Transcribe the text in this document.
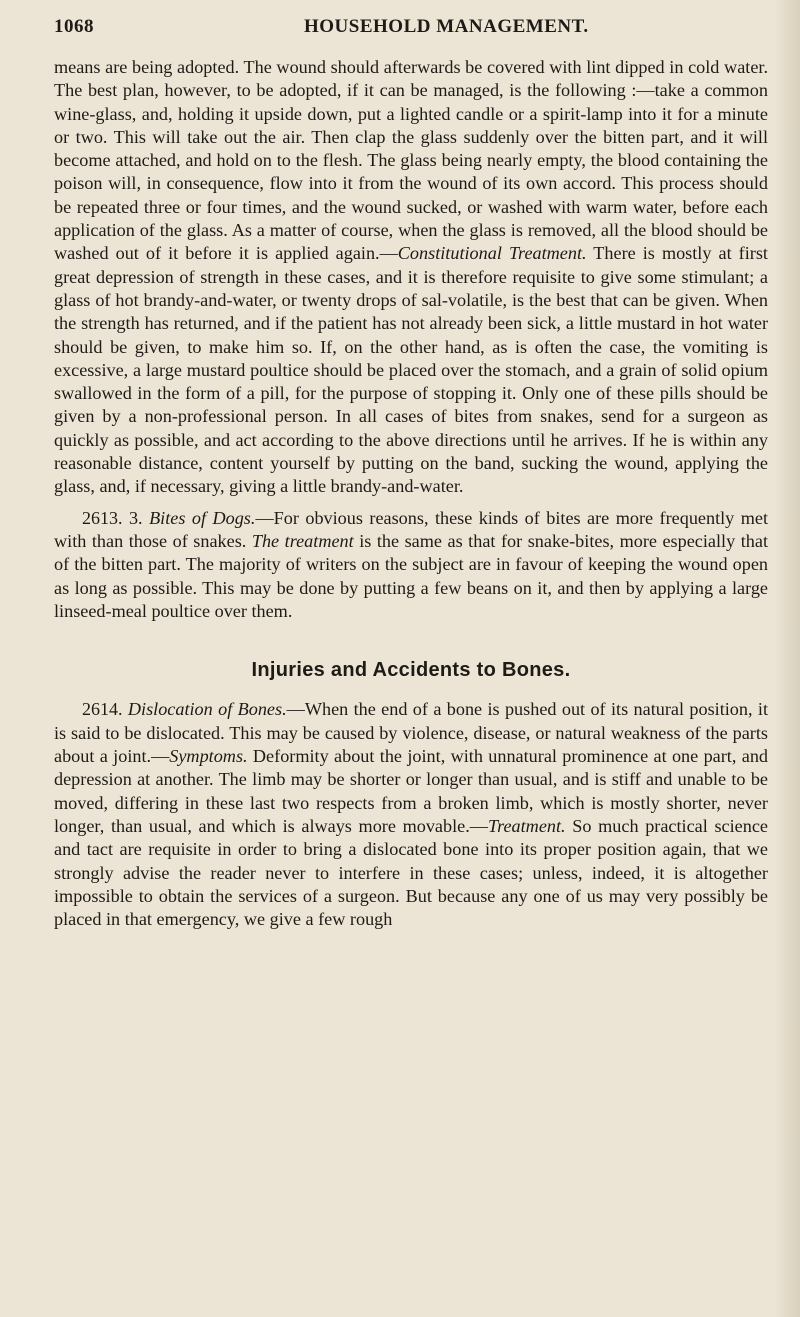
1068	HOUSEHOLD MANAGEMENT.

means are being adopted. The wound should afterwards be covered with lint dipped in cold water. The best plan, however, to be adopted, if it can be managed, is the following :—take a common wine-glass, and, holding it upside down, put a lighted candle or a spirit-lamp into it for a minute or two. This will take out the air. Then clap the glass suddenly over the bitten part, and it will become attached, and hold on to the flesh. The glass being nearly empty, the blood containing the poison will, in consequence, flow into it from the wound of its own accord. This process should be repeated three or four times, and the wound sucked, or washed with warm water, before each application of the glass. As a matter of course, when the glass is removed, all the blood should be washed out of it before it is applied again.—Constitutional Treatment. There is mostly at first great depression of strength in these cases, and it is therefore requisite to give some stimulant; a glass of hot brandy-and-water, or twenty drops of sal-volatile, is the best that can be given. When the strength has returned, and if the patient has not already been sick, a little mustard in hot water should be given, to make him so. If, on the other hand, as is often the case, the vomiting is excessive, a large mustard poultice should be placed over the stomach, and a grain of solid opium swallowed in the form of a pill, for the purpose of stopping it. Only one of these pills should be given by a non-professional person. In all cases of bites from snakes, send for a surgeon as quickly as possible, and act according to the above directions until he arrives. If he is within any reasonable distance, content yourself by putting on the band, sucking the wound, applying the glass, and, if necessary, giving a little brandy-and-water.

2613. 3. Bites of Dogs.—For obvious reasons, these kinds of bites are more frequently met with than those of snakes. The treatment is the same as that for snake-bites, more especially that of the bitten part. The majority of writers on the subject are in favour of keeping the wound open as long as possible. This may be done by putting a few beans on it, and then by applying a large linseed-meal poultice over them.

Injuries and Accidents to Bones.

2614. Dislocation of Bones.—When the end of a bone is pushed out of its natural position, it is said to be dislocated. This may be caused by violence, disease, or natural weakness of the parts about a joint.—Symptoms. Deformity about the joint, with unnatural prominence at one part, and depression at another. The limb may be shorter or longer than usual, and is stiff and unable to be moved, differing in these last two respects from a broken limb, which is mostly shorter, never longer, than usual, and which is always more movable.—Treatment. So much practical science and tact are requisite in order to bring a dislocated bone into its proper position again, that we strongly advise the reader never to interfere in these cases; unless, indeed, it is altogether impossible to obtain the services of a surgeon. But because any one of us may very possibly be placed in that emergency, we give a few rough
